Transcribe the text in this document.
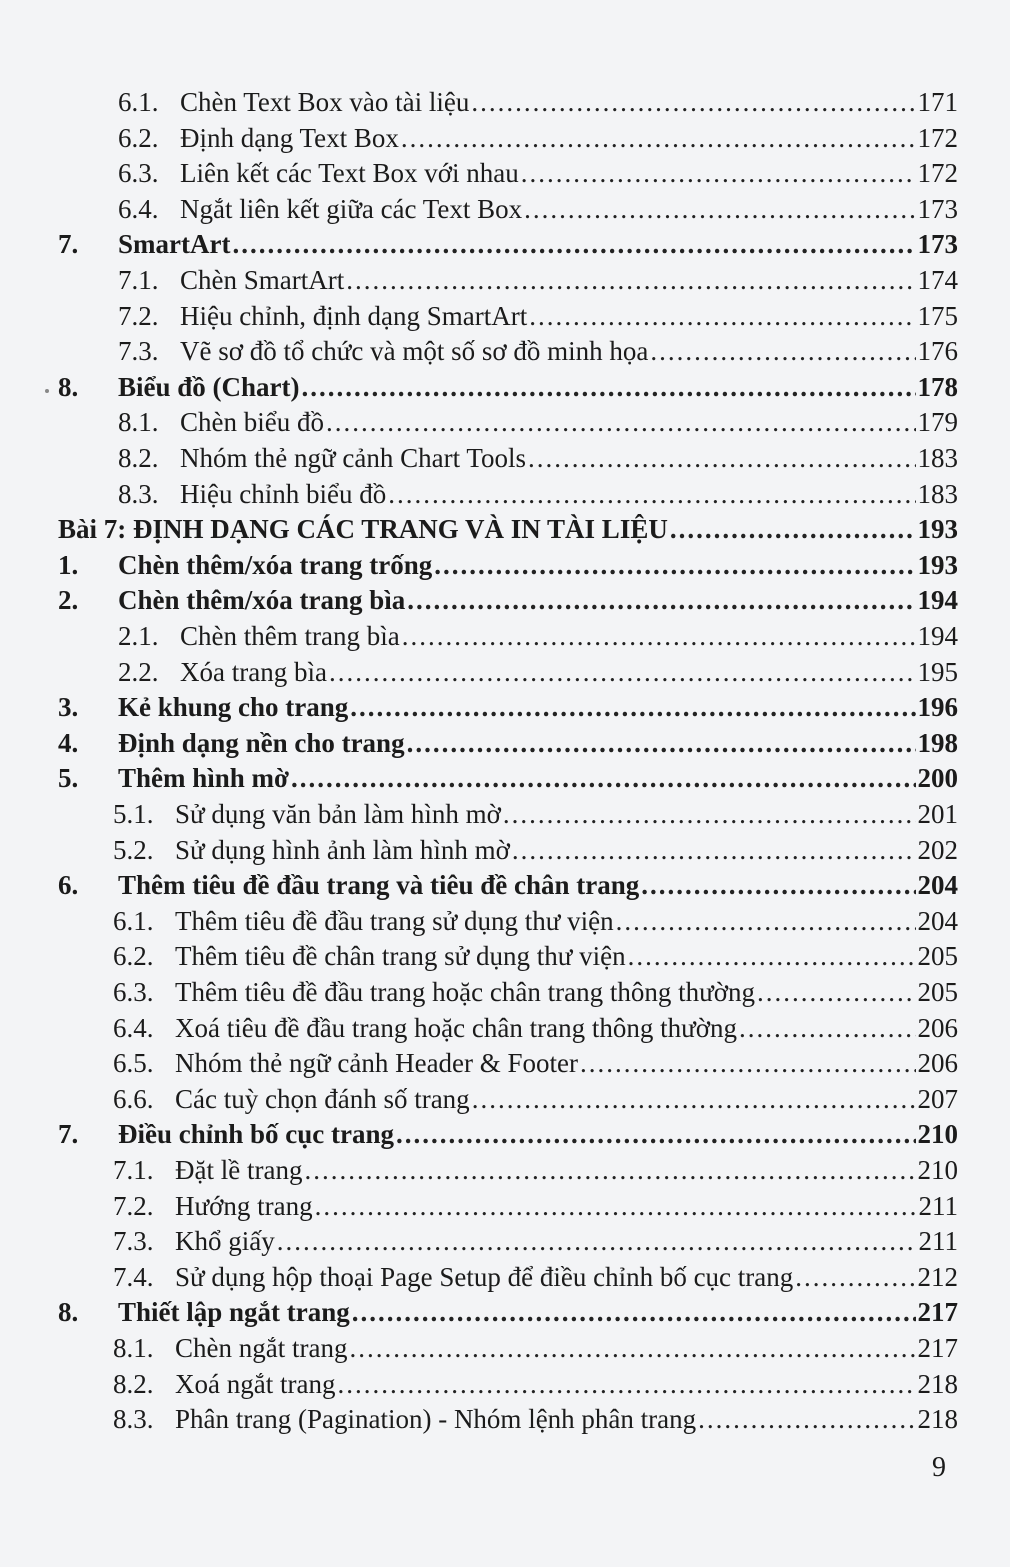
6.1. Chèn Text Box vào tài liệu .....	171
6.2. Định dạng Text Box .....	172
6.3. Liên kết các Text Box với nhau .....	172
6.4. Ngắt liên kết giữa các Text Box .....	173
7.	SmartArt .....	173
7.1. Chèn SmartArt .....	174
7.2. Hiệu chỉnh, định dạng SmartArt .....	175
7.3. Vẽ sơ đồ tổ chức và một số sơ đồ minh họa .....	176
8.	Biểu đồ (Chart) .....	178
8.1. Chèn biểu đồ .....	179
8.2. Nhóm thẻ ngữ cảnh Chart Tools .....	183
8.3. Hiệu chỉnh biểu đồ .....	183
Bài 7: ĐỊNH DẠNG CÁC TRANG VÀ IN TÀI LIỆU .....	193
1.	Chèn thêm/xóa trang trống .....	193
2.	Chèn thêm/xóa trang bìa .....	194
2.1. Chèn thêm trang bìa .....	194
2.2. Xóa trang bìa .....	195
3.	Kẻ khung cho trang .....	196
4.	Định dạng nền cho trang .....	198
5.	Thêm hình mờ .....	200
5.1. Sử dụng văn bản làm hình mờ .....	201
5.2. Sử dụng hình ảnh làm hình mờ .....	202
6.	Thêm tiêu đề đầu trang và tiêu đề chân trang .....	204
6.1. Thêm tiêu đề đầu trang sử dụng thư viện .....	204
6.2. Thêm tiêu đề chân trang sử dụng thư viện .....	205
6.3. Thêm tiêu đề đầu trang hoặc chân trang thông thường .....	205
6.4. Xoá tiêu đề đầu trang hoặc chân trang thông thường .....	206
6.5. Nhóm thẻ ngữ cảnh Header & Footer .....	206
6.6. Các tuỳ chọn đánh số trang .....	207
7.	Điều chỉnh bố cục trang .....	210
7.1. Đặt lề trang .....	210
7.2. Hướng trang .....	211
7.3. Khổ giấy .....	211
7.4. Sử dụng hộp thoại Page Setup để điều chỉnh bố cục trang .....	212
8.	Thiết lập ngắt trang .....	217
8.1. Chèn ngắt trang .....	217
8.2. Xoá ngắt trang .....	218
8.3. Phân trang (Pagination) - Nhóm lệnh phân trang .....	218
9
